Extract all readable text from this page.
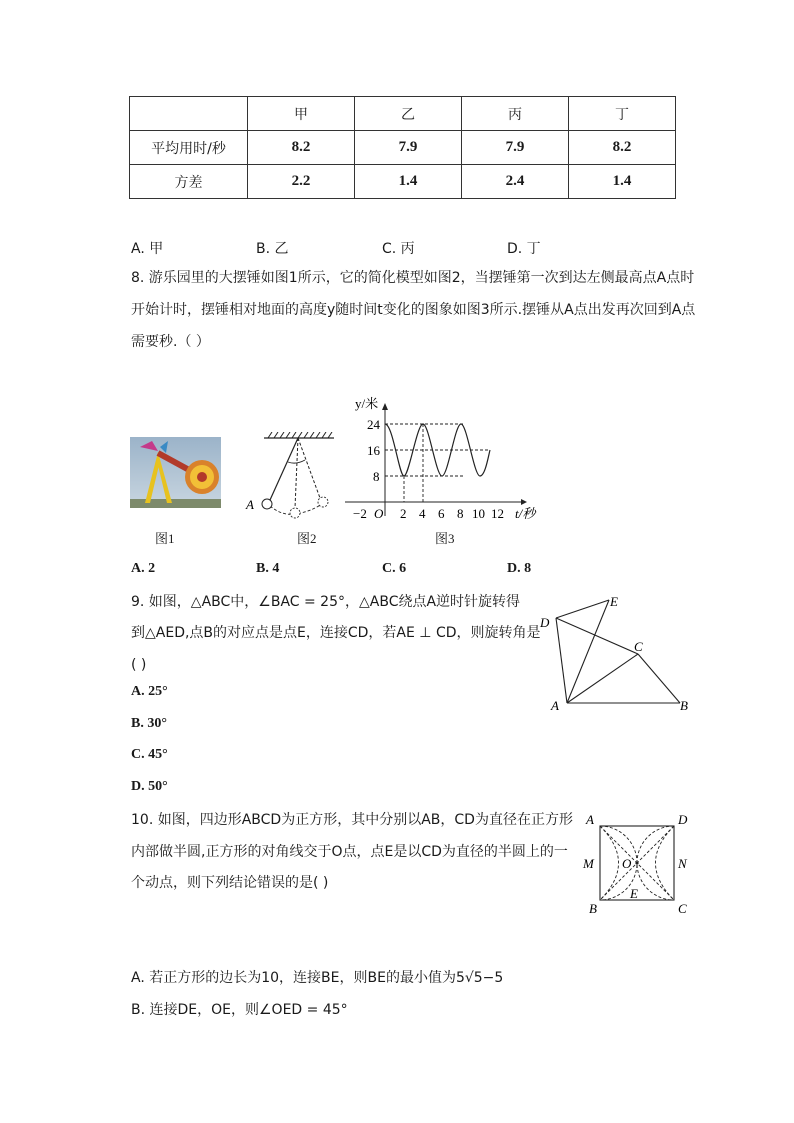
	甲	乙	丙	丁
平均用时/秒	8.2	7.9	7.9	8.2
方差	2.2	1.4	2.4	1.4
A. 甲	B. 乙	C. 丙	D. 丁
8. 游乐园里的大摆锤如图1所示，它的简化模型如图2，当摆锤第一次到达左侧最高点A点时
开始计时，摆锤相对地面的高度y随时间t变化的图象如图3所示.摆锤从A点出发再次回到A点
需要秒.（ ）
图1
A
图2
y/米
t/秒
24
16
8
−2 O 2 4 6 8 10 12
图3
A. 2	B. 4	C. 6	D. 8
9. 如图，△ABC中，∠BAC = 25°，△ABC绕点A逆时针旋转得
到△AED,点B的对应点是点E，连接CD，若AE ⊥ CD，则旋转角是
( )
A. 25°
B. 30°
C. 45°
D. 50°
A	B
C
D
E
10. 如图，四边形ABCD为正方形，其中分别以AB，CD为直径在正方形
内部做半圆,正方形的对角线交于O点，点E是以CD为直径的半圆上的一
个动点，则下列结论错误的是( )
A	D
B	C
M	N
O
E
A. 若正方形的边长为10，连接BE，则BE的最小值为5√5−5
B. 连接DE，OE，则∠OED = 45°
